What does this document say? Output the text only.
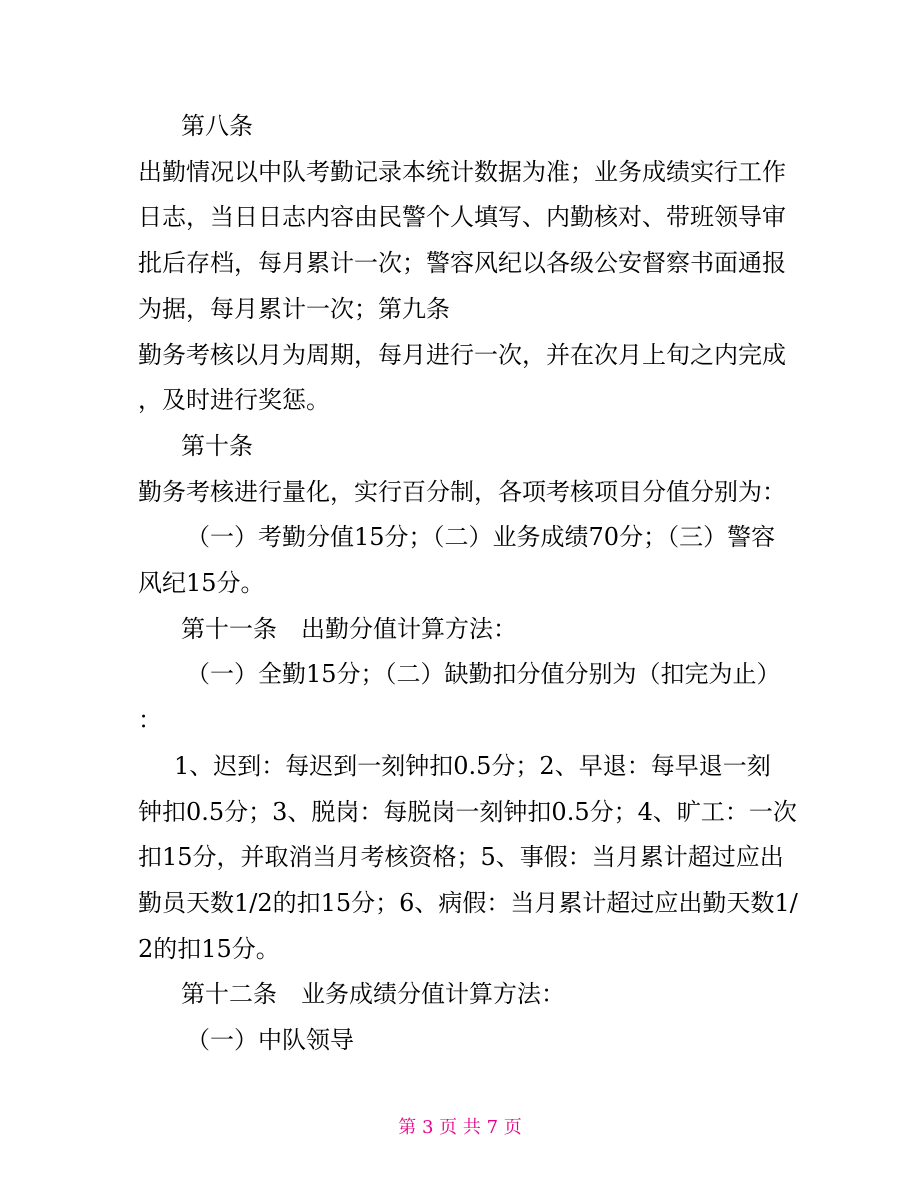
第八条

出勤情况以中队考勤记录本统计数据为准；业务成绩实行工作

日志，当日日志内容由民警个人填写、内勤核对、带班领导审

批后存档，每月累计一次；警容风纪以各级公安督察书面通报

为据，每月累计一次；第九条

勤务考核以月为周期，每月进行一次，并在次月上旬之内完成

，及时进行奖惩。

第十条

勤务考核进行量化，实行百分制，各项考核项目分值分别为：

（一）考勤分值15分；（二）业务成绩70分；（三）警容

风纪15分。

第十一条　出勤分值计算方法：

（一）全勤15分；（二）缺勤扣分值分别为（扣完为止）

：

1、迟到：每迟到一刻钟扣0.5分；2、早退：每早退一刻

钟扣0.5分；3、脱岗：每脱岗一刻钟扣0.5分；4、旷工：一次

扣15分，并取消当月考核资格；5、事假：当月累计超过应出

勤员天数1/2的扣15分；6、病假：当月累计超过应出勤天数1/

2的扣15分。

第十二条　业务成绩分值计算方法：

（一）中队领导

第 3 页 共 7 页
